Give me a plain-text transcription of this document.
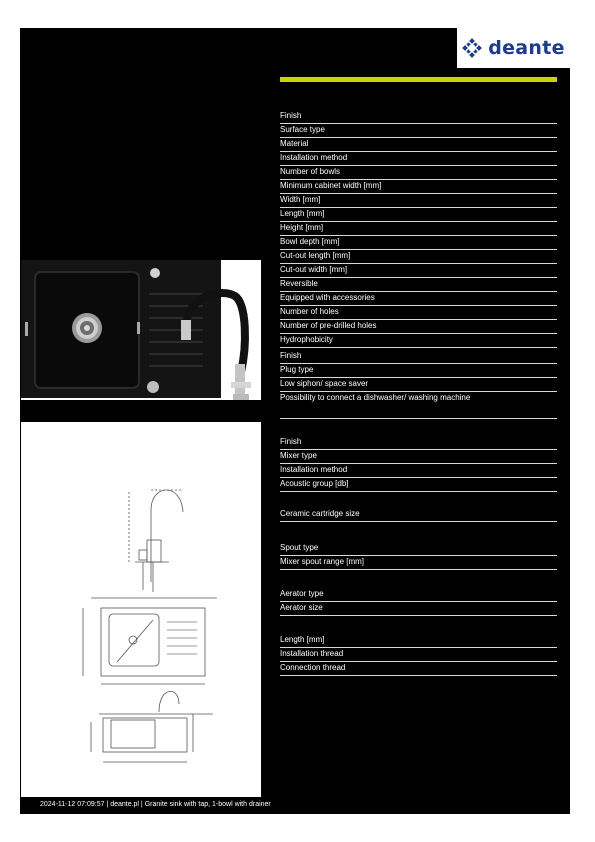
deante
Finish
Surface type
Material
Installation method
Number of bowls
Minimum cabinet width [mm]
Width [mm]
Length [mm]
Height [mm]
Bowl depth [mm]
Cut-out length [mm]
Cut-out width [mm]
Reversible
Equipped with accessories
Number of holes
Number of pre-drilled holes
Hydrophobicity
Finish
Plug type
Low siphon/ space saver
Possibility to connect a dishwasher/ washing machine
Finish
Mixer type
Installation method
Acoustic group [db]
Ceramic cartridge size
Spout type
Mixer spout range [mm]
Aerator type
Aerator size
Length [mm]
Installation thread
Connection thread
2024-11-12 07:09:57 | deante.pl | Granite sink with tap, 1-bowl with drainer
